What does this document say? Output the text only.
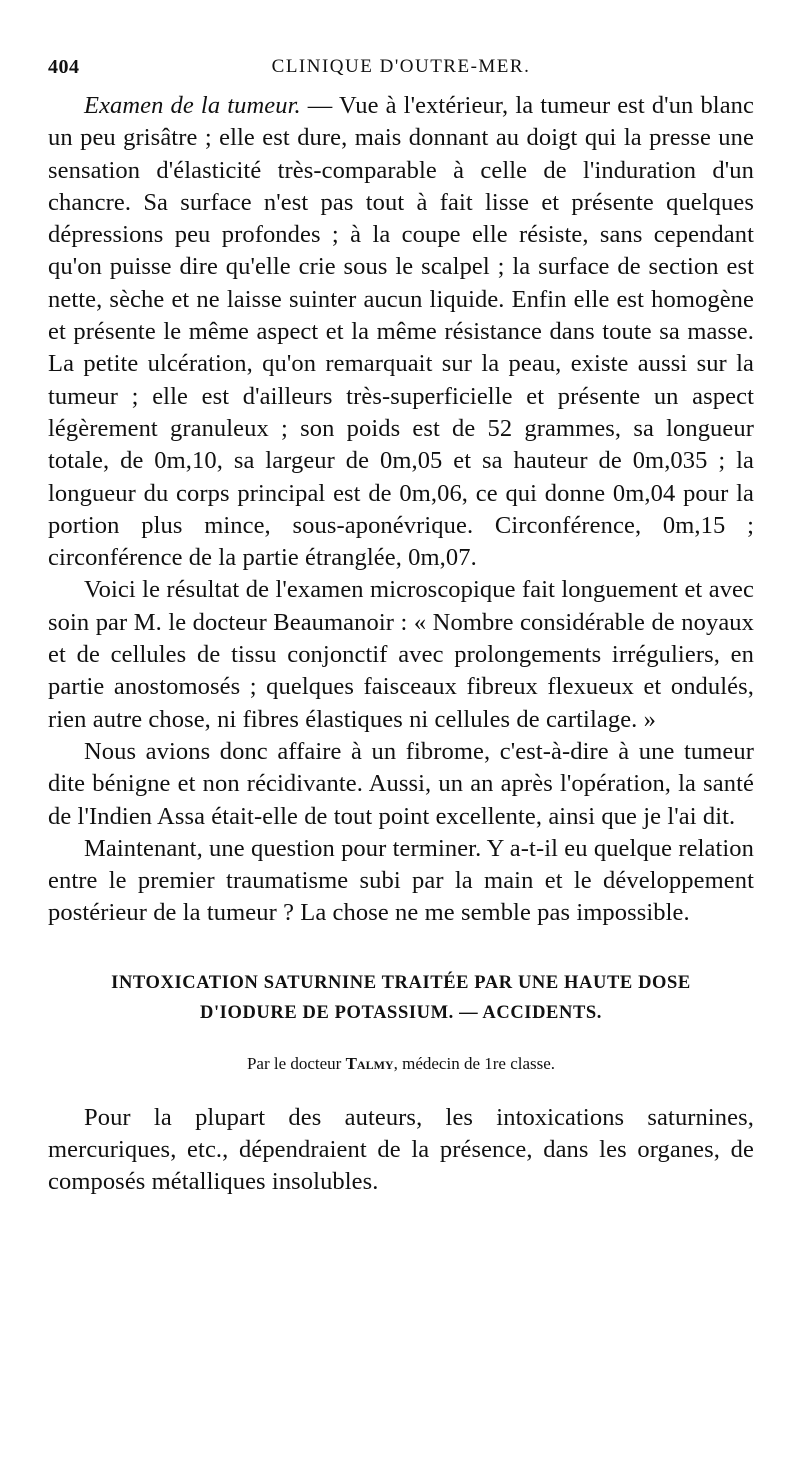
404	CLINIQUE D'OUTRE-MER.

Examen de la tumeur. — Vue à l'extérieur, la tumeur est d'un blanc un peu grisâtre ; elle est dure, mais donnant au doigt qui la presse une sensation d'élasticité très-comparable à celle de l'induration d'un chancre. Sa surface n'est pas tout à fait lisse et présente quelques dépressions peu profondes ; à la coupe elle résiste, sans cependant qu'on puisse dire qu'elle crie sous le scalpel ; la surface de section est nette, sèche et ne laisse suinter aucun liquide. Enfin elle est homogène et présente le même aspect et la même résistance dans toute sa masse. La petite ulcération, qu'on remarquait sur la peau, existe aussi sur la tumeur ; elle est d'ailleurs très-superficielle et présente un aspect légèrement granuleux ; son poids est de 52 grammes, sa longueur totale, de 0m,10, sa largeur de 0m,05 et sa hauteur de 0m,035 ; la longueur du corps principal est de 0m,06, ce qui donne 0m,04 pour la portion plus mince, sous-aponévrique. Circonférence, 0m,15 ; circonférence de la partie étranglée, 0m,07.

Voici le résultat de l'examen microscopique fait longuement et avec soin par M. le docteur Beaumanoir : « Nombre considérable de noyaux et de cellules de tissu conjonctif avec prolongements irréguliers, en partie anostomosés ; quelques faisceaux fibreux flexueux et ondulés, rien autre chose, ni fibres élastiques ni cellules de cartilage. »

Nous avions donc affaire à un fibrome, c'est-à-dire à une tumeur dite bénigne et non récidivante. Aussi, un an après l'opération, la santé de l'Indien Assa était-elle de tout point excellente, ainsi que je l'ai dit.

Maintenant, une question pour terminer. Y a-t-il eu quelque relation entre le premier traumatisme subi par la main et le développement postérieur de la tumeur ? La chose ne me semble pas impossible.

INTOXICATION SATURNINE TRAITÉE PAR UNE HAUTE DOSE
D'IODURE DE POTASSIUM. — ACCIDENTS.
Par le docteur Talmy, médecin de 1re classe.

Pour la plupart des auteurs, les intoxications saturnines, mercuriques, etc., dépendraient de la présence, dans les organes, de composés métalliques insolubles.
